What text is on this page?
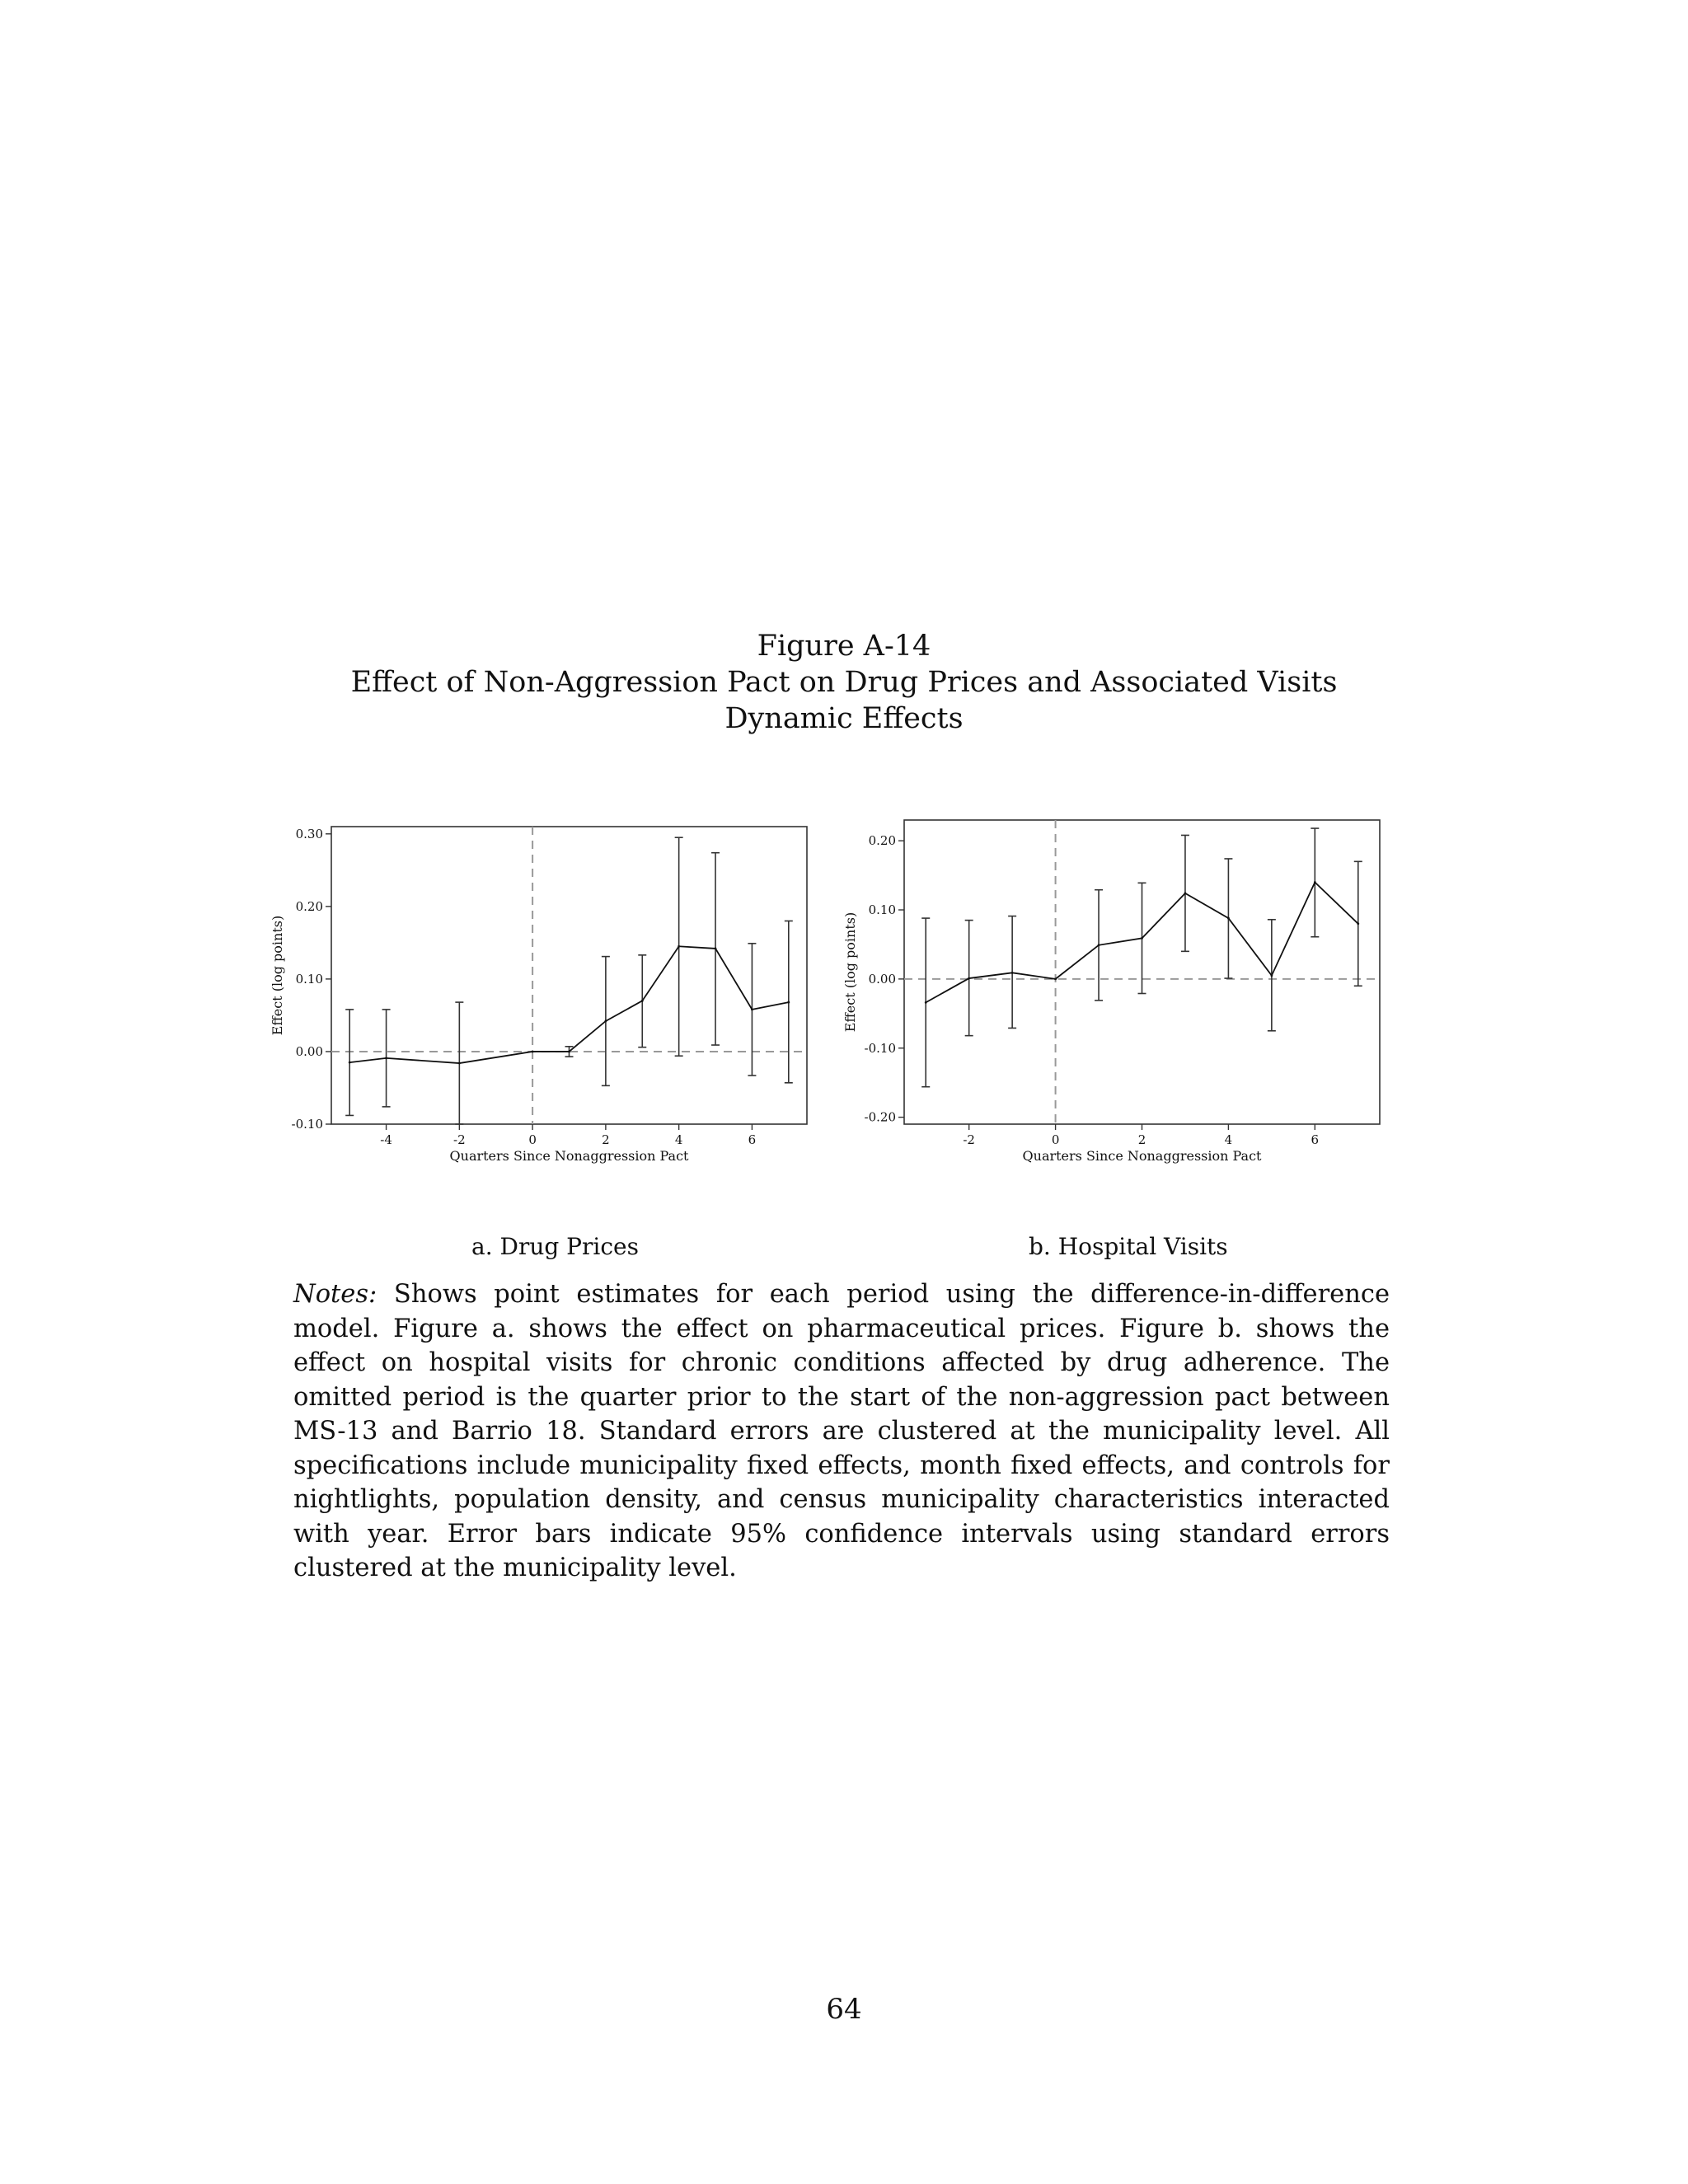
Figure A-14
Effect of Non-Aggression Pact on Drug Prices and Associated Visits
Dynamic Effects
-0.10
0.00
0.10
0.20
0.30
-4	-2	0	2	4	6
Quarters Since Nonaggression Pact
Effect (log points)
-0.20
-0.10
0.00
0.10
0.20
-2	0	2	4	6
Quarters Since Nonaggression Pact
Effect (log points)
a. Drug Prices	b. Hospital Visits
Notes: Shows point estimates for each period using the difference-in-difference model. Figure a. shows the effect on pharmaceutical prices. Figure b. shows the effect on hospital visits for chronic conditions affected by drug adherence. The omitted period is the quarter prior to the start of the non-aggression pact between MS-13 and Barrio 18. Standard errors are clustered at the municipality level. All specifications include municipality fixed effects, month fixed effects, and controls for nightlights, population density, and census municipality characteristics interacted with year. Error bars indicate 95% confidence intervals using standard errors clustered at the municipality level.
64
